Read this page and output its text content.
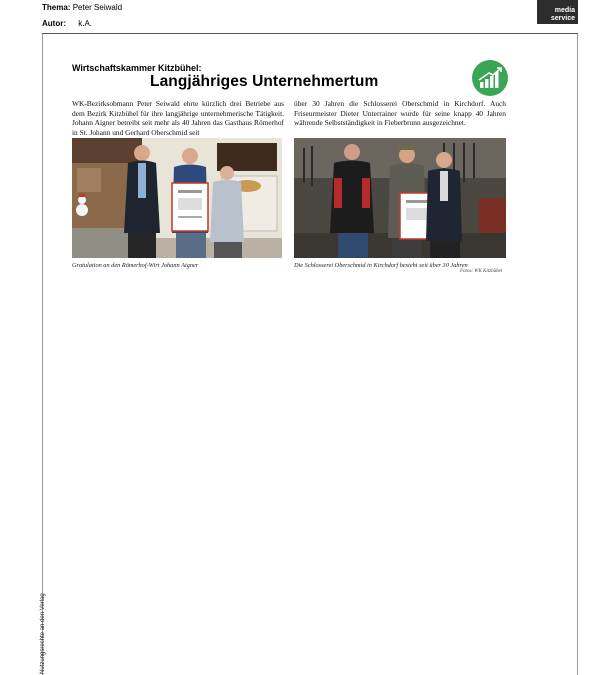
Thema: Peter Seiwald
Autor: k.A.
media
service
Nutzungsrechte an den Verlag
Wirtschaftskammer Kitzbühel:
Langjähriges Unternehmertum
WK-Bezirksobmann Peter Seiwald ehrte kürzlich drei Betriebe aus dem Bezirk Kitzbühel für ihre langjährige unternehmerische Tätigkeit. Johann Aigner betreibt seit mehr als 40 Jahren das Gasthaus Römerhof in St. Johann und Gerhard Oberschmid seit
über 30 Jahren die Schlosserei Oberschmid in Kirchdorf. Auch Friseurmeister Dieter Unterrainer wurde für seine knapp 40 Jahren währende Selbstständigkeit in Fieberbrunn ausgezeichnet.
Gratulation an den Römerhof-Wirt Johann Aigner	Die Schlosserei Oberschmid in Kirchdorf besteht seit über 30 Jahren
Fotos: WK Kitzbühel
